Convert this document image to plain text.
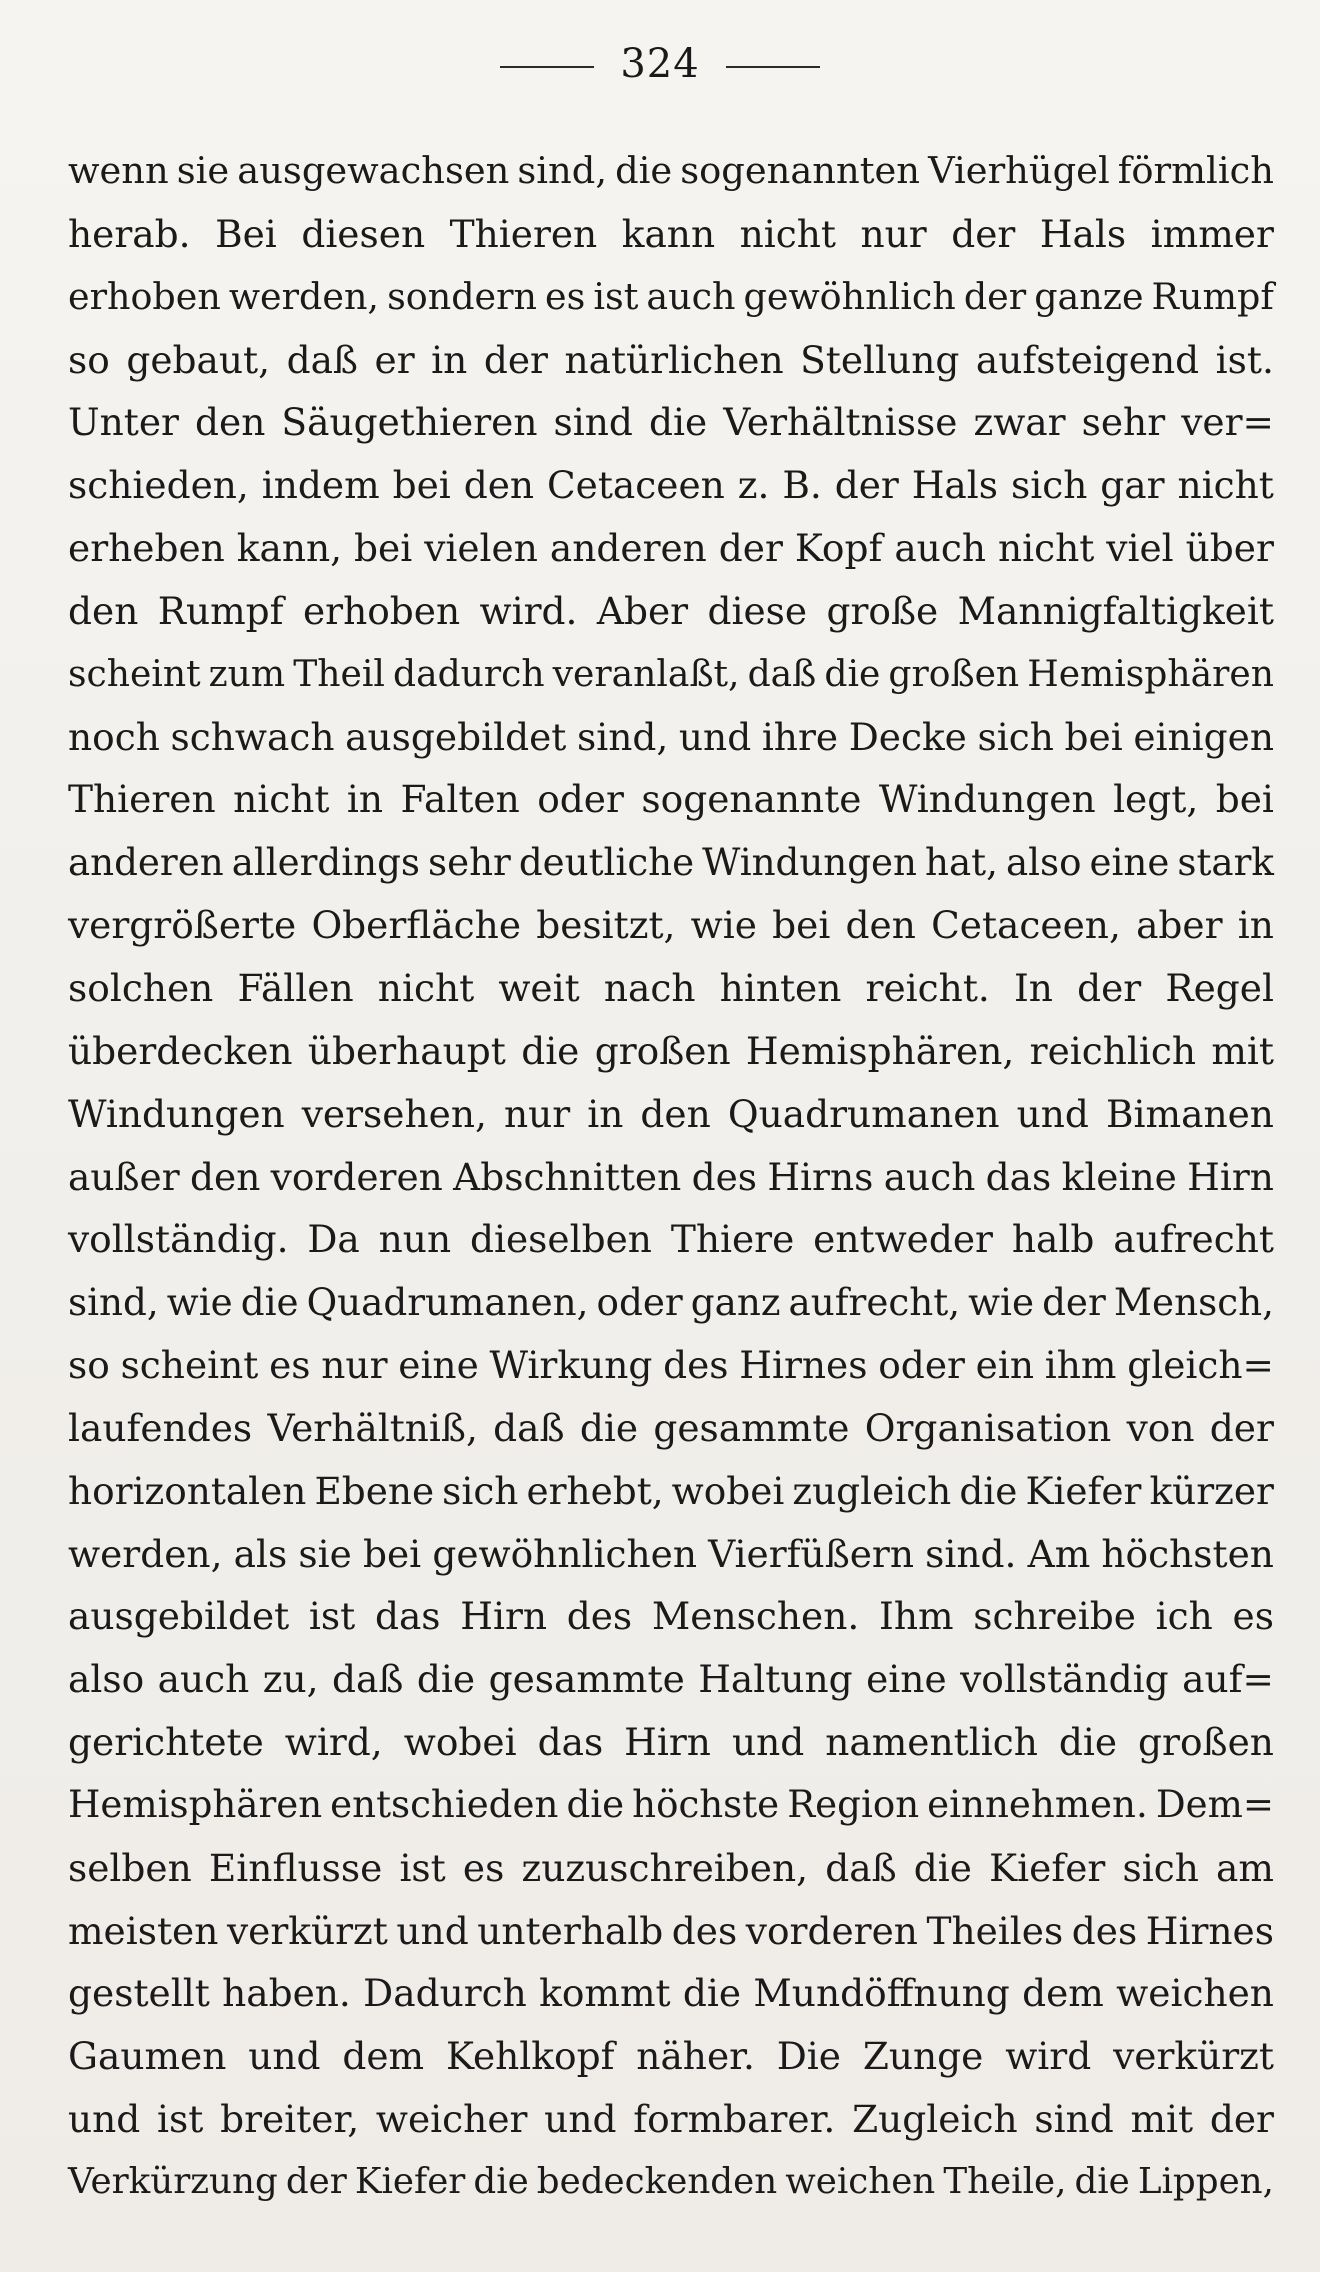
324
wenn sie ausgewachsen sind, die sogenannten Vierhügel förmlich
herab. Bei diesen Thieren kann nicht nur der Hals immer
erhoben werden, sondern es ist auch gewöhnlich der ganze Rumpf
so gebaut, daß er in der natürlichen Stellung aufsteigend ist.
Unter den Säugethieren sind die Verhältnisse zwar sehr ver=
schieden, indem bei den Cetaceen z. B. der Hals sich gar nicht
erheben kann, bei vielen anderen der Kopf auch nicht viel über
den Rumpf erhoben wird. Aber diese große Mannigfaltigkeit
scheint zum Theil dadurch veranlaßt, daß die großen Hemisphären
noch schwach ausgebildet sind, und ihre Decke sich bei einigen
Thieren nicht in Falten oder sogenannte Windungen legt, bei
anderen allerdings sehr deutliche Windungen hat, also eine stark
vergrößerte Oberfläche besitzt, wie bei den Cetaceen, aber in
solchen Fällen nicht weit nach hinten reicht. In der Regel
überdecken überhaupt die großen Hemisphären, reichlich mit
Windungen versehen, nur in den Quadrumanen und Bimanen
außer den vorderen Abschnitten des Hirns auch das kleine Hirn
vollständig. Da nun dieselben Thiere entweder halb aufrecht
sind, wie die Quadrumanen, oder ganz aufrecht, wie der Mensch,
so scheint es nur eine Wirkung des Hirnes oder ein ihm gleich=
laufendes Verhältniß, daß die gesammte Organisation von der
horizontalen Ebene sich erhebt, wobei zugleich die Kiefer kürzer
werden, als sie bei gewöhnlichen Vierfüßern sind. Am höchsten
ausgebildet ist das Hirn des Menschen. Ihm schreibe ich es
also auch zu, daß die gesammte Haltung eine vollständig auf=
gerichtete wird, wobei das Hirn und namentlich die großen
Hemisphären entschieden die höchste Region einnehmen. Dem=
selben Einflusse ist es zuzuschreiben, daß die Kiefer sich am
meisten verkürzt und unterhalb des vorderen Theiles des Hirnes
gestellt haben. Dadurch kommt die Mundöffnung dem weichen
Gaumen und dem Kehlkopf näher. Die Zunge wird verkürzt
und ist breiter, weicher und formbarer. Zugleich sind mit der
Verkürzung der Kiefer die bedeckenden weichen Theile, die Lippen,
